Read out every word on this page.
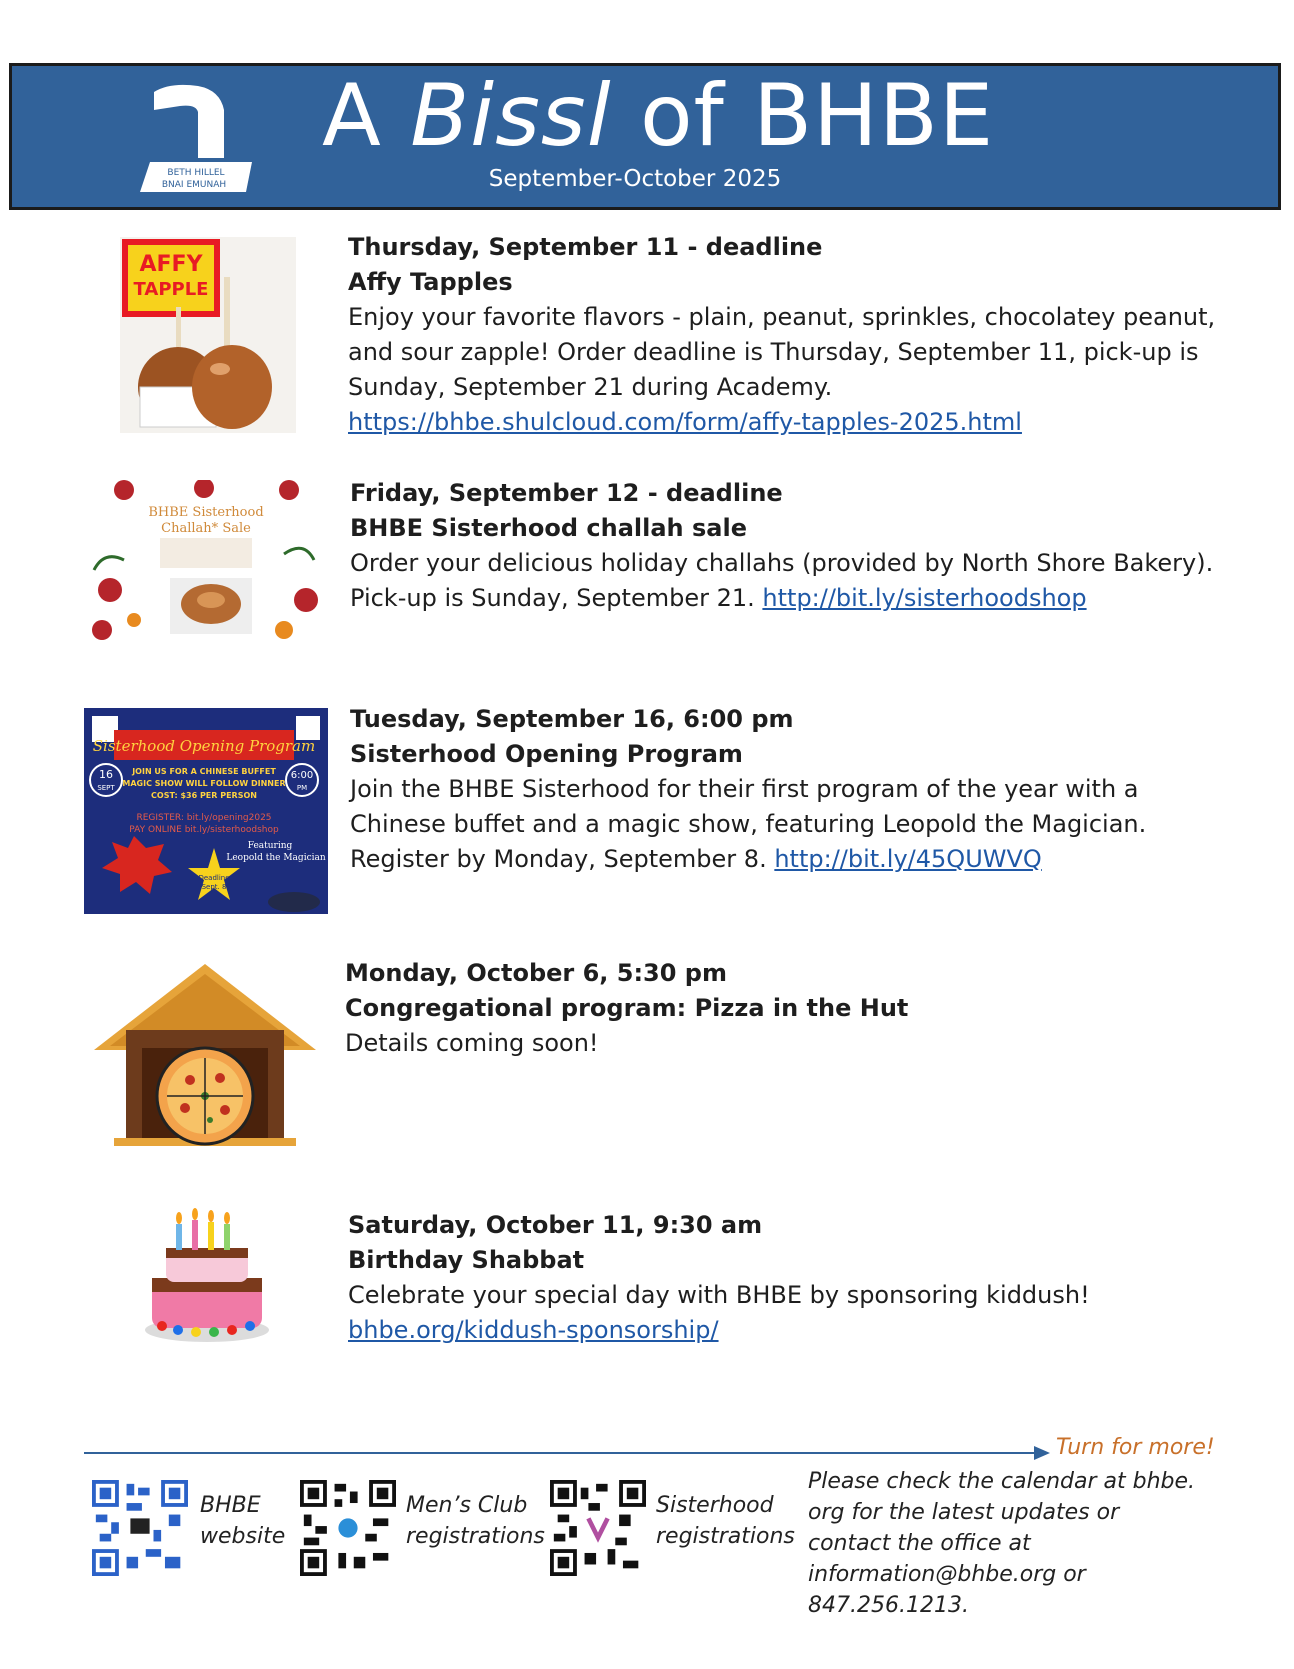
BETH HILLEL
BNAI EMUNAH
A Bissl of BHBE
September-October 2025
AFFY
TAPPLE
Thursday, September 11 - deadline
Affy Tapples
Enjoy your favorite flavors - plain, peanut, sprinkles, chocolatey peanut, and sour zapple! Order deadline is Thursday, September 11, pick-up is Sunday, September 21 during Academy.
https://bhbe.shulcloud.com/form/affy-tapples-2025.html
BHBE Sisterhood
Challah* Sale
Friday, September 12 - deadline
BHBE Sisterhood challah sale
Order your delicious holiday challahs (provided by North Shore Bakery). Pick-up is Sunday, September 21. http://bit.ly/sisterhoodshop
Sisterhood Opening Program
16
SEPT
6:00
PM
JOIN US FOR A CHINESE BUFFET
MAGIC SHOW WILL FOLLOW DINNER
COST: $36 PER PERSON
REGISTER: bit.ly/opening2025
PAY ONLINE bit.ly/sisterhoodshop
Featuring
Leopold the Magician
Deadline
Sept. 8
Tuesday, September 16, 6:00 pm
Sisterhood Opening Program
Join the BHBE Sisterhood for their first program of the year with a Chinese buffet and a magic show, featuring Leopold the Magician. Register by Monday, September 8. http://bit.ly/45QUWVQ
Monday, October 6, 5:30 pm
Congregational program: Pizza in the Hut
Details coming soon!
Saturday, October 11, 9:30 am
Birthday Shabbat
Celebrate your special day with BHBE by sponsoring kiddush!
bhbe.org/kiddush-sponsorship/
Turn for more!
BHBE
website
Men’s Club
registrations
Sisterhood
registrations
Please check the calendar at bhbe. org for the latest updates or contact the office at information@bhbe.org or 847.256.1213.
